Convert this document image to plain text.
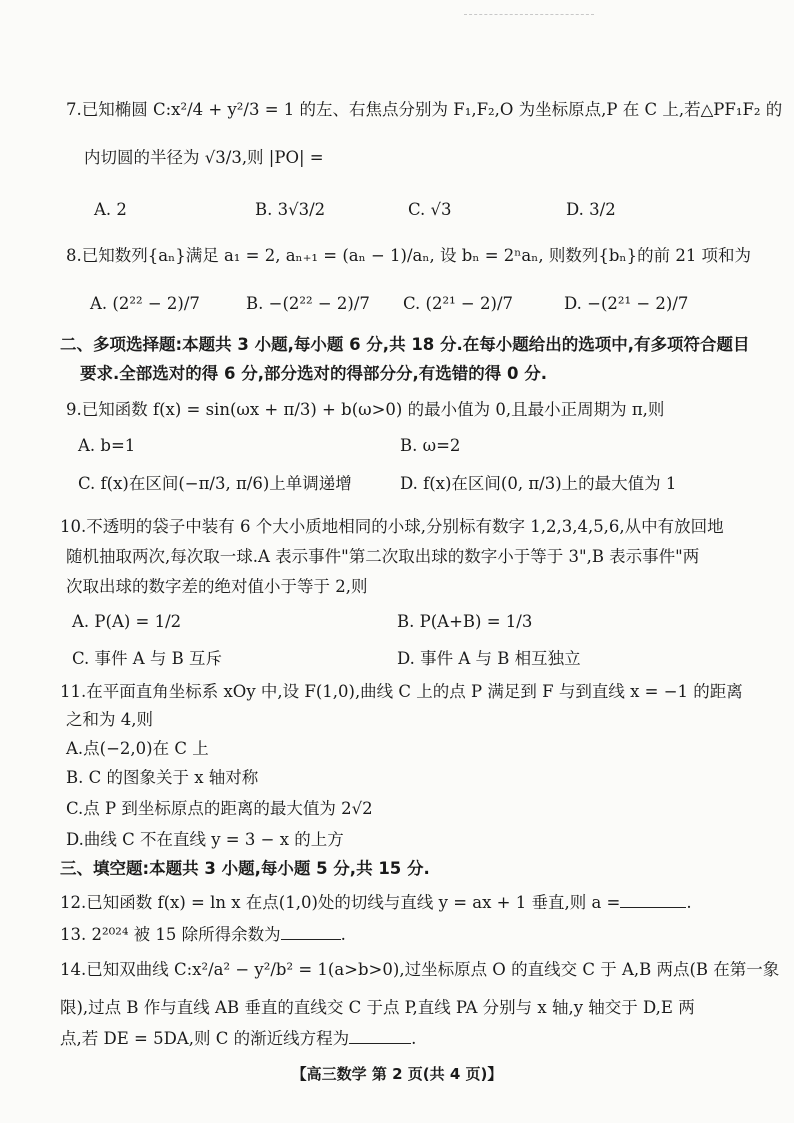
7.已知椭圆 C:x²/4 + y²/3 = 1 的左、右焦点分别为 F₁,F₂,O 为坐标原点,P 在 C 上,若△PF₁F₂ 的
内切圆的半径为 √3/3,则 |PO| =
A. 2	B. 3√3/2	C. √3	D. 3/2
8.已知数列{aₙ}满足 a₁ = 2, aₙ₊₁ = (aₙ − 1)/aₙ, 设 bₙ = 2ⁿaₙ, 则数列{bₙ}的前 21 项和为
A. (2²² − 2)/7	B. −(2²² − 2)/7 C. (2²¹ − 2)/7	D. −(2²¹ − 2)/7
二、多项选择题:本题共 3 小题,每小题 6 分,共 18 分.在每小题给出的选项中,有多项符合题目
要求.全部选对的得 6 分,部分选对的得部分分,有选错的得 0 分.
9.已知函数 f(x) = sin(ωx + π/3) + b(ω>0) 的最小值为 0,且最小正周期为 π,则
A. b=1	B. ω=2
C. f(x)在区间(−π/3, π/6)上单调递增	D. f(x)在区间(0, π/3)上的最大值为 1
10.不透明的袋子中装有 6 个大小质地相同的小球,分别标有数字 1,2,3,4,5,6,从中有放回地
随机抽取两次,每次取一球.A 表示事件"第二次取出球的数字小于等于 3",B 表示事件"两
次取出球的数字差的绝对值小于等于 2,则
A. P(A) = 1/2	B. P(A+B) = 1/3
C. 事件 A 与 B 互斥	D. 事件 A 与 B 相互独立
11.在平面直角坐标系 xOy 中,设 F(1,0),曲线 C 上的点 P 满足到 F 与到直线 x = −1 的距离
之和为 4,则
A.点(−2,0)在 C 上
B. C 的图象关于 x 轴对称
C.点 P 到坐标原点的距离的最大值为 2√2
D.曲线 C 不在直线 y = 3 − x 的上方
三、填空题:本题共 3 小题,每小题 5 分,共 15 分.
12.已知函数 f(x) = ln x 在点(1,0)处的切线与直线 y = ax + 1 垂直,则 a =	.
13. 2²⁰²⁴ 被 15 除所得余数为	.
14.已知双曲线 C:x²/a² − y²/b² = 1(a>b>0),过坐标原点 O 的直线交 C 于 A,B 两点(B 在第一象
限),过点 B 作与直线 AB 垂直的直线交 C 于点 P,直线 PA 分别与 x 轴,y 轴交于 D,E 两
点,若 DE = 5DA,则 C 的渐近线方程为	.
【高三数学 第 2 页(共 4 页)】
